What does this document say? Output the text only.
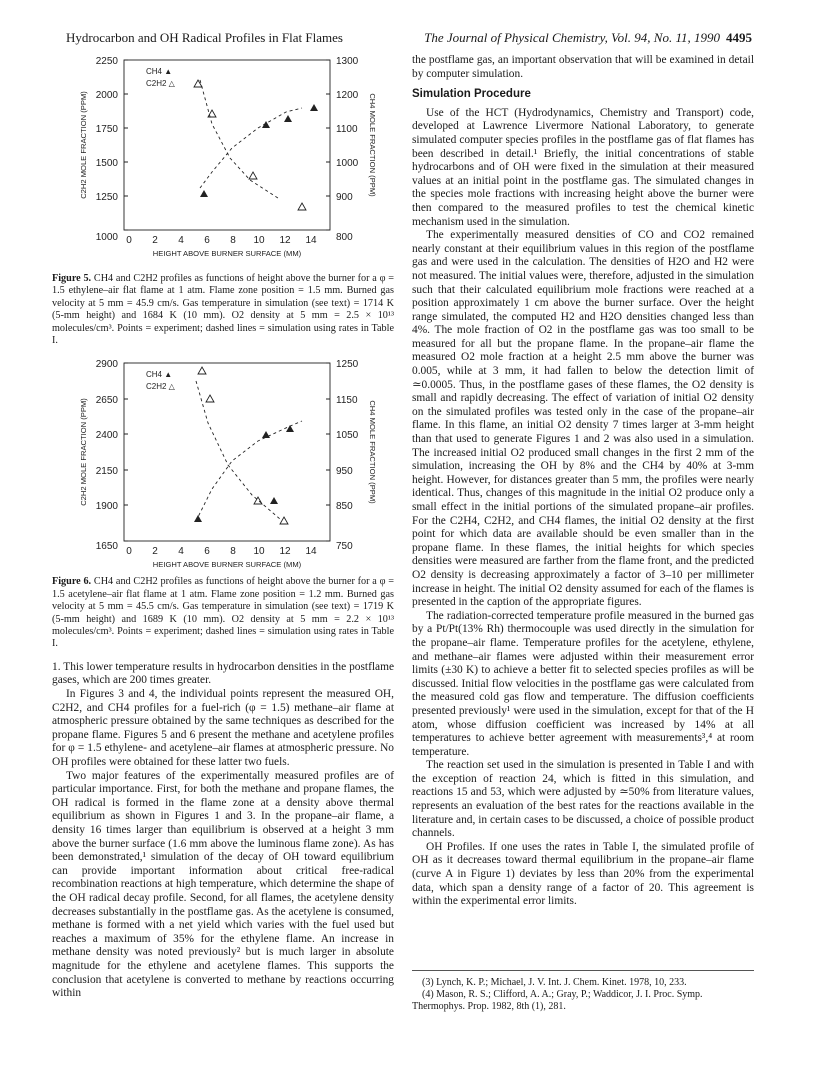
Hydrocarbon and OH Radical Profiles in Flat Flames	The Journal of Physical Chemistry, Vol. 94, No. 11, 1990 4495
2250
2000
1750
1500
1250
1000
1300
1200
1100
1000
900
800
0 2 4 6 8 10 12 14
HEIGHT ABOVE BURNER SURFACE (MM)
C2H2 MOLE FRACTION (PPM)	CH4 MOLE FRACTION (PPM)
CH4 ▲
C2H2 △
Figure 5. CH4 and C2H2 profiles as functions of height above the burner for a φ = 1.5 ethylene–air flat flame at 1 atm. Flame zone position = 1.5 mm. Burned gas velocity at 5 mm = 45.9 cm/s. Gas temperature in simulation (see text) = 1714 K (5-mm height) and 1684 K (10 mm). O2 density at 5 mm = 2.5 × 10¹³ molecules/cm³. Points = experiment; dashed lines = simulation using rates in Table I.
2900
2650
2400
2150
1900
1650
1250
1150
1050
950
850
750
0 2 4 6 8 10 12 14
HEIGHT ABOVE BURNER SURFACE (MM)
C2H2 MOLE FRACTION (PPM)	CH4 MOLE FRACTION (PPM)
CH4 ▲
C2H2 △
Figure 6. CH4 and C2H2 profiles as functions of height above the burner for a φ = 1.5 acetylene–air flat flame at 1 atm. Flame zone position = 1.2 mm. Burned gas velocity at 5 mm = 45.5 cm/s. Gas temperature in simulation (see text) = 1719 K (5-mm height) and 1689 K (10 mm). O2 density at 5 mm = 2.2 × 10¹³ molecules/cm³. Points = experiment; dashed lines = simulation using rates in Table I.

1. This lower temperature results in hydrocarbon densities in the postflame gases, which are 200 times greater.

In Figures 3 and 4, the individual points represent the measured OH, C2H2, and CH4 profiles for a fuel-rich (φ = 1.5) methane–air flame at atmospheric pressure obtained by the same techniques as described for the propane flame. Figures 5 and 6 present the methane and acetylene profiles for φ = 1.5 ethylene- and acetylene–air flames at atmospheric pressure. No OH profiles were obtained for these latter two fuels.

Two major features of the experimentally measured profiles are of particular importance. First, for both the methane and propane flames, the OH radical is formed in the flame zone at a density above thermal equilibrium as shown in Figures 1 and 3. In the propane–air flame, a density 16 times larger than equilibrium is observed at a height 3 mm above the burner surface (1.6 mm above the luminous flame zone). As has been demonstrated,¹ simulation of the decay of OH toward equilibrium can provide important information about critical free-radical recombination reactions at high temperature, which determine the shape of the OH radical decay profile. Second, for all flames, the acetylene density decreases substantially in the postflame gas. As the acetylene is consumed, methane is formed with a net yield which varies with the fuel used but reaches a maximum of 35% for the ethylene flame. An increase in methane density was noted previously² but is much larger in absolute magnitude for the ethylene and acetylene flames. This supports the conclusion that acetylene is converted to methane by reactions occurring within

the postflame gas, an important observation that will be examined in detail by computer simulation.

Simulation Procedure

Use of the HCT (Hydrodynamics, Chemistry and Transport) code, developed at Lawrence Livermore National Laboratory, to generate simulated computer species profiles in the postflame gas of flat flames has been described in detail.¹ Briefly, the initial concentrations of stable hydrocarbons and of OH were fixed in the simulation at their measured values at an initial point in the postflame gas. The simulated changes in the species mole fractions with increasing height above the burner were then compared to the measured profiles to test the chemical kinetic mechanism used in the simulation.

The experimentally measured densities of CO and CO2 remained nearly constant at their equilibrium values in this region of the postflame gas and were used in the calculation. The densities of H2O and H2 were not measured. The initial values were, therefore, adjusted in the simulation such that their calculated equilibrium mole fractions were reached at a position approximately 1 cm above the burner surface. Over the height range simulated, the computed H2 and H2O densities changed less than 4%. The mole fraction of O2 in the postflame gas was too small to be measured for all but the propane flame. In the propane–air flame the measured O2 mole fraction at a height 2.5 mm above the burner was 0.005, while at 3 mm, it had fallen to below the detection limit of ≃0.0005. Thus, in the postflame gases of these flames, the O2 density is small and rapidly decreasing. The effect of variation of initial O2 density on the simulated profiles was tested only in the case of the propane–air flame. In this flame, an initial O2 density 7 times larger at 3-mm height than that used to generate Figures 1 and 2 was also used in a simulation. The increased initial O2 produced small changes in the first 2 mm of the simulation, increasing the OH by 8% and the CH4 by 40% at 3-mm height. However, for distances greater than 5 mm, the profiles were nearly identical. Thus, changes of this magnitude in the initial O2 produce only a small effect in the initial portions of the simulated propane–air profiles. For the C2H4, C2H2, and CH4 flames, the initial O2 density at the first point for which data are available should be even smaller than in the propane flame. In these flames, the initial heights for which species densities were measured are farther from the flame front, and the predicted O2 density is decreasing approximately a factor of 3–10 per millimeter increase in height. The initial O2 density assumed for each of the flames is presented in the caption of the appropriate figures.

The radiation-corrected temperature profile measured in the burned gas by a Pt/Pt(13% Rh) thermocouple was used directly in the simulation for the propane–air flame. Temperature profiles for the acetylene, ethylene, and methane–air flames were adjusted within their measurement error limits (±30 K) to achieve a better fit to selected species profiles as will be discussed. Initial flow velocities in the postflame gas were calculated from the measured cold gas flow and temperature. The diffusion coefficients presented previously¹ were used in the simulation, except for that of the H atom, whose diffusion coefficient was increased by 14% at all temperatures to achieve better agreement with measurements³,⁴ at room temperature.

The reaction set used in the simulation is presented in Table I and with the exception of reaction 24, which is fitted in this simulation, and reactions 15 and 53, which were adjusted by ≃50% from literature values, represents an evaluation of the best rates for the reactions available in the literature and, in certain cases to be discussed, a choice of possible product channels.

OH Profiles. If one uses the rates in Table I, the simulated profile of OH as it decreases toward thermal equilibrium in the propane–air flame (curve A in Figure 1) deviates by less than 20% from the experimental data, which span a density range of a factor of 20. This agreement is within the experimental error limits.

(3) Lynch, K. P.; Michael, J. V. Int. J. Chem. Kinet. 1978, 10, 233.
(4) Mason, R. S.; Clifford, A. A.; Gray, P.; Waddicor, J. I. Proc. Symp. Thermophys. Prop. 1982, 8th (1), 281.
